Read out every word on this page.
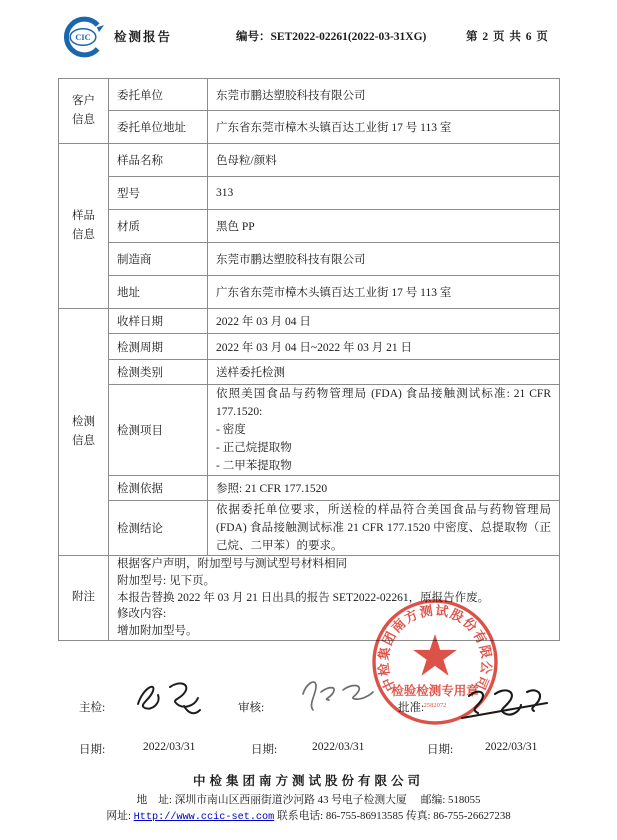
CIC 检测报告	编号：SET2022-02261(2022-03-31XG)	第 2 页 共 6 页
客户信息	委托单位	东莞市鹏达塑胶科技有限公司
	委托单位地址	广东省东莞市樟木头镇百达工业街 17 号 113 室
样品信息	样品名称	色母粒/颜料
	型号	313
	材质	黑色 PP
	制造商	东莞市鹏达塑胶科技有限公司
	地址	广东省东莞市樟木头镇百达工业街 17 号 113 室
检测信息	收样日期	2022 年 03 月 04 日
	检测周期	2022 年 03 月 04 日~2022 年 03 月 21 日
	检测类别	送样委托检测
	检测项目	依照美国食品与药物管理局 (FDA) 食品接触测试标准: 21 CFR 177.1520:
- 密度
- 正己烷提取物
- 二甲苯提取物

	检测依据	参照: 21 CFR 177.1520
	检测结论	依据委托单位要求，所送检的样品符合美国食品与药物管理局 (FDA) 食品接触测试标准 21 CFR 177.1520 中密度、总提取物（正己烷、二甲苯）的要求。
附注	根据客户声明，附加型号与测试型号材料相同
附加型号: 见下页。
本报告替换 2022 年 03 月 21 日出具的报告 SET2022-02261，原报告作废。
修改内容:
增加附加型号。	
主检:	审核:	批准:
中检集团南方测试股份有限公司
检验检测专用章
2582072
日期:	2022/03/31	日期:	2022/03/31	日期:	2022/03/31
中检集团南方测试股份有限公司
地　址: 深圳市南山区西丽街道沙河路 43 号电子检测大厦 邮编: 518055
网址: Http://www.ccic-set.com 联系电话: 86-755-86913585 传真: 86-755-26627238
